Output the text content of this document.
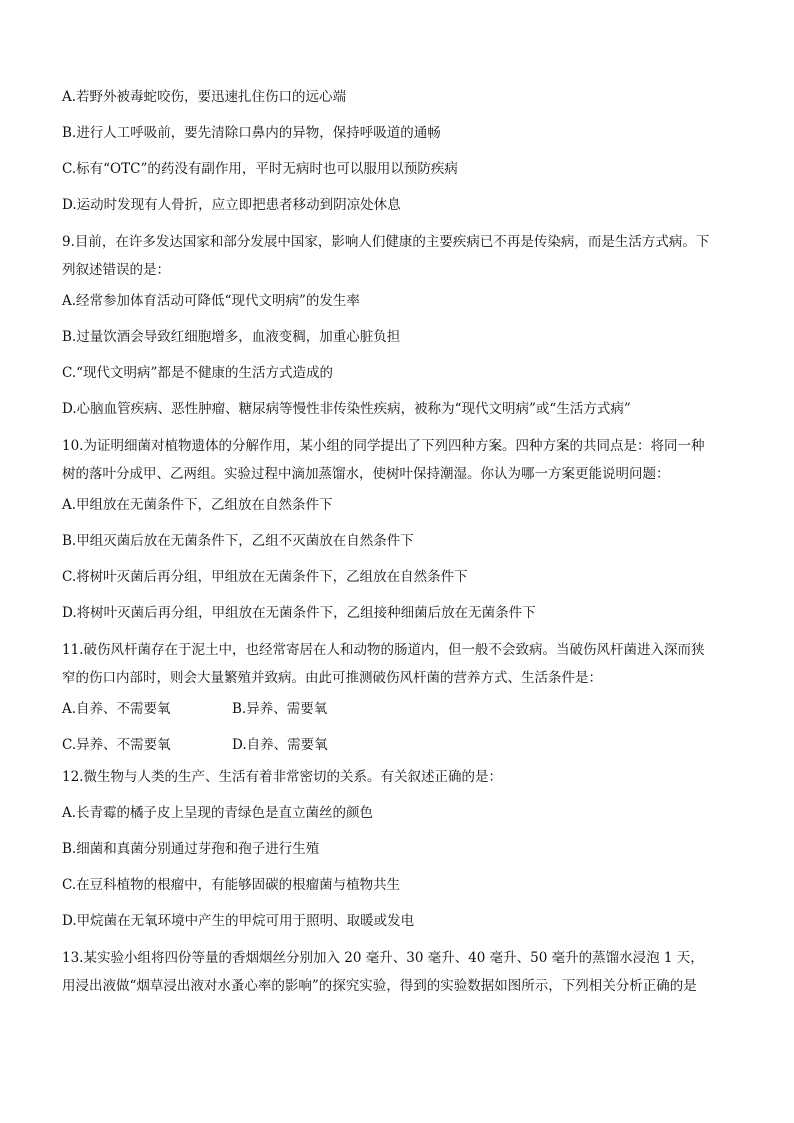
A.若野外被毒蛇咬伤，要迅速扎住伤口的远心端
B.进行人工呼吸前，要先清除口鼻内的异物，保持呼吸道的通畅
C.标有“OTC”的药没有副作用，平时无病时也可以服用以预防疾病
D.运动时发现有人骨折，应立即把患者移动到阴凉处休息
9.目前，在许多发达国家和部分发展中国家，影响人们健康的主要疾病已不再是传染病，而是生活方式病。下列叙述错误的是：
A.经常参加体育活动可降低“现代文明病”的发生率
B.过量饮酒会导致红细胞增多，血液变稠，加重心脏负担
C.“现代文明病”都是不健康的生活方式造成的
D.心脑血管疾病、恶性肿瘤、糖尿病等慢性非传染性疾病，被称为“现代文明病”或“生活方式病”
10.为证明细菌对植物遗体的分解作用，某小组的同学提出了下列四种方案。四种方案的共同点是：将同一种树的落叶分成甲、乙两组。实验过程中滴加蒸馏水，使树叶保持潮湿。你认为哪一方案更能说明问题：
A.甲组放在无菌条件下，乙组放在自然条件下
B.甲组灭菌后放在无菌条件下，乙组不灭菌放在自然条件下
C.将树叶灭菌后再分组，甲组放在无菌条件下，乙组放在自然条件下
D.将树叶灭菌后再分组，甲组放在无菌条件下，乙组接种细菌后放在无菌条件下
11.破伤风杆菌存在于泥土中，也经常寄居在人和动物的肠道内，但一般不会致病。当破伤风杆菌进入深而狭窄的伤口内部时，则会大量繁殖并致病。由此可推测破伤风杆菌的营养方式、生活条件是：
A.自养、不需要氧	B.异养、需要氧
C.异养、不需要氧	D.自养、需要氧
12.微生物与人类的生产、生活有着非常密切的关系。有关叙述正确的是：
A.长青霉的橘子皮上呈现的青绿色是直立菌丝的颜色
B.细菌和真菌分别通过芽孢和孢子进行生殖
C.在豆科植物的根瘤中，有能够固碳的根瘤菌与植物共生
D.甲烷菌在无氧环境中产生的甲烷可用于照明、取暖或发电
13.某实验小组将四份等量的香烟烟丝分别加入 20 毫升、30 毫升、40 毫升、50 毫升的蒸馏水浸泡 1 天，用浸出液做“烟草浸出液对水蚤心率的影响”的探究实验，得到的实验数据如图所示，下列相关分析正确的是
